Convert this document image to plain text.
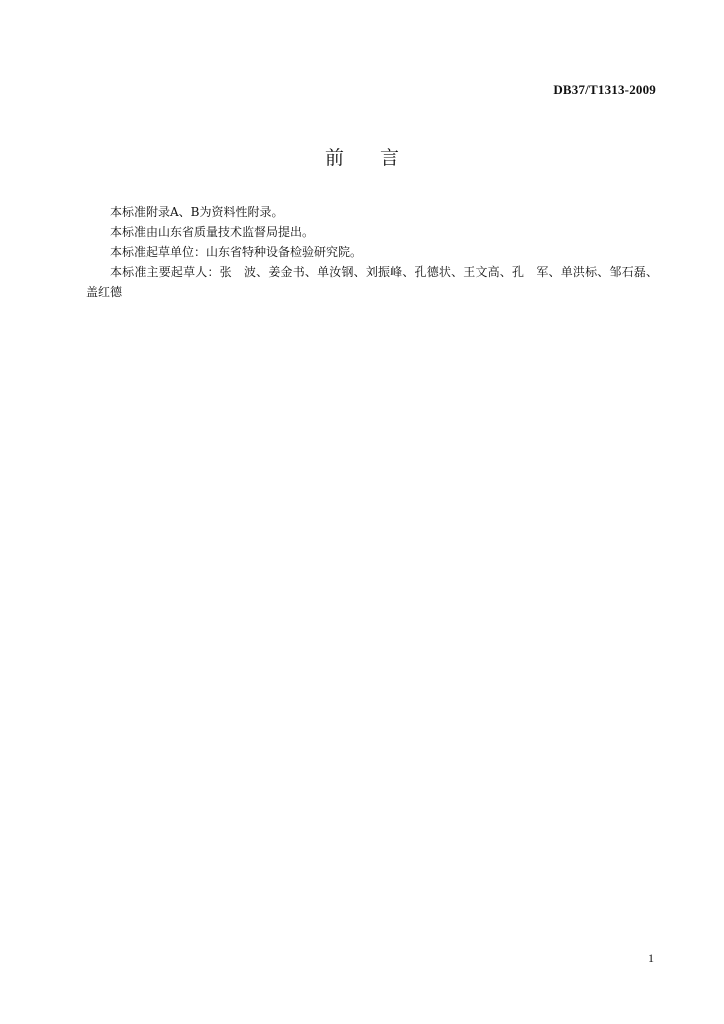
DB37/T1313-2009
前 言

本标准附录A、B为资料性附录。

本标准由山东省质量技术监督局提出。

本标准起草单位：山东省特种设备检验研究院。

本标准主要起草人：张　波、姜金书、单汝钢、刘振峰、孔德状、王文高、孔　军、单洪标、邹石磊、盖红德

1
